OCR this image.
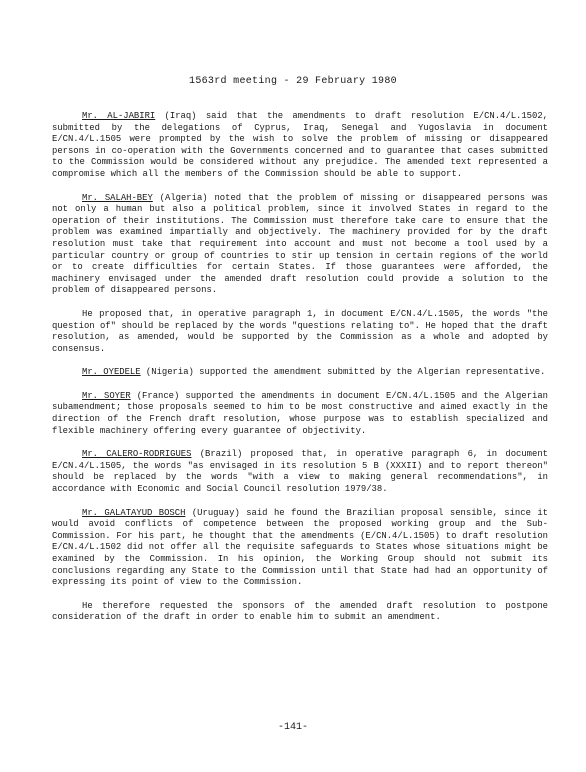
1563rd meeting - 29 February 1980

Mr. AL-JABIRI (Iraq) said that the amendments to draft resolution E/CN.4/L.1502, submitted by the delegations of Cyprus, Iraq, Senegal and Yugoslavia in document E/CN.4/L.1505 were prompted by the wish to solve the problem of missing or disappeared persons in co-operation with the Governments concerned and to guarantee that cases submitted to the Commission would be considered without any prejudice. The amended text represented a compromise which all the members of the Commission should be able to support.

Mr. SALAH-BEY (Algeria) noted that the problem of missing or disappeared persons was not only a human but also a political problem, since it involved States in regard to the operation of their institutions. The Commission must therefore take care to ensure that the problem was examined impartially and objectively. The machinery provided for by the draft resolution must take that requirement into account and must not become a tool used by a particular country or group of countries to stir up tension in certain regions of the world or to create difficulties for certain States. If those guarantees were afforded, the machinery envisaged under the amended draft resolution could provide a solution to the problem of disappeared persons.

He proposed that, in operative paragraph 1, in document E/CN.4/L.1505, the words "the question of" should be replaced by the words "questions relating to". He hoped that the draft resolution, as amended, would be supported by the Commission as a whole and adopted by consensus.

Mr. OYEDELE (Nigeria) supported the amendment submitted by the Algerian representative.

Mr. SOYER (France) supported the amendments in document E/CN.4/L.1505 and the Algerian subamendment; those proposals seemed to him to be most constructive and aimed exactly in the direction of the French draft resolution, whose purpose was to establish specialized and flexible machinery offering every guarantee of objectivity.

Mr. CALERO-RODRIGUES (Brazil) proposed that, in operative paragraph 6, in document E/CN.4/L.1505, the words "as envisaged in its resolution 5 B (XXXII) and to report thereon" should be replaced by the words "with a view to making general recommendations", in accordance with Economic and Social Council resolution 1979/38.

Mr. GALATAYUD BOSCH (Uruguay) said he found the Brazilian proposal sensible, since it would avoid conflicts of competence between the proposed working group and the Sub-Commission. For his part, he thought that the amendments (E/CN.4/L.1505) to draft resolution E/CN.4/L.1502 did not offer all the requisite safeguards to States whose situations might be examined by the Commission. In his opinion, the Working Group should not submit its conclusions regarding any State to the Commission until that State had had an opportunity of expressing its point of view to the Commission.

He therefore requested the sponsors of the amended draft resolution to postpone consideration of the draft in order to enable him to submit an amendment.

-141-
